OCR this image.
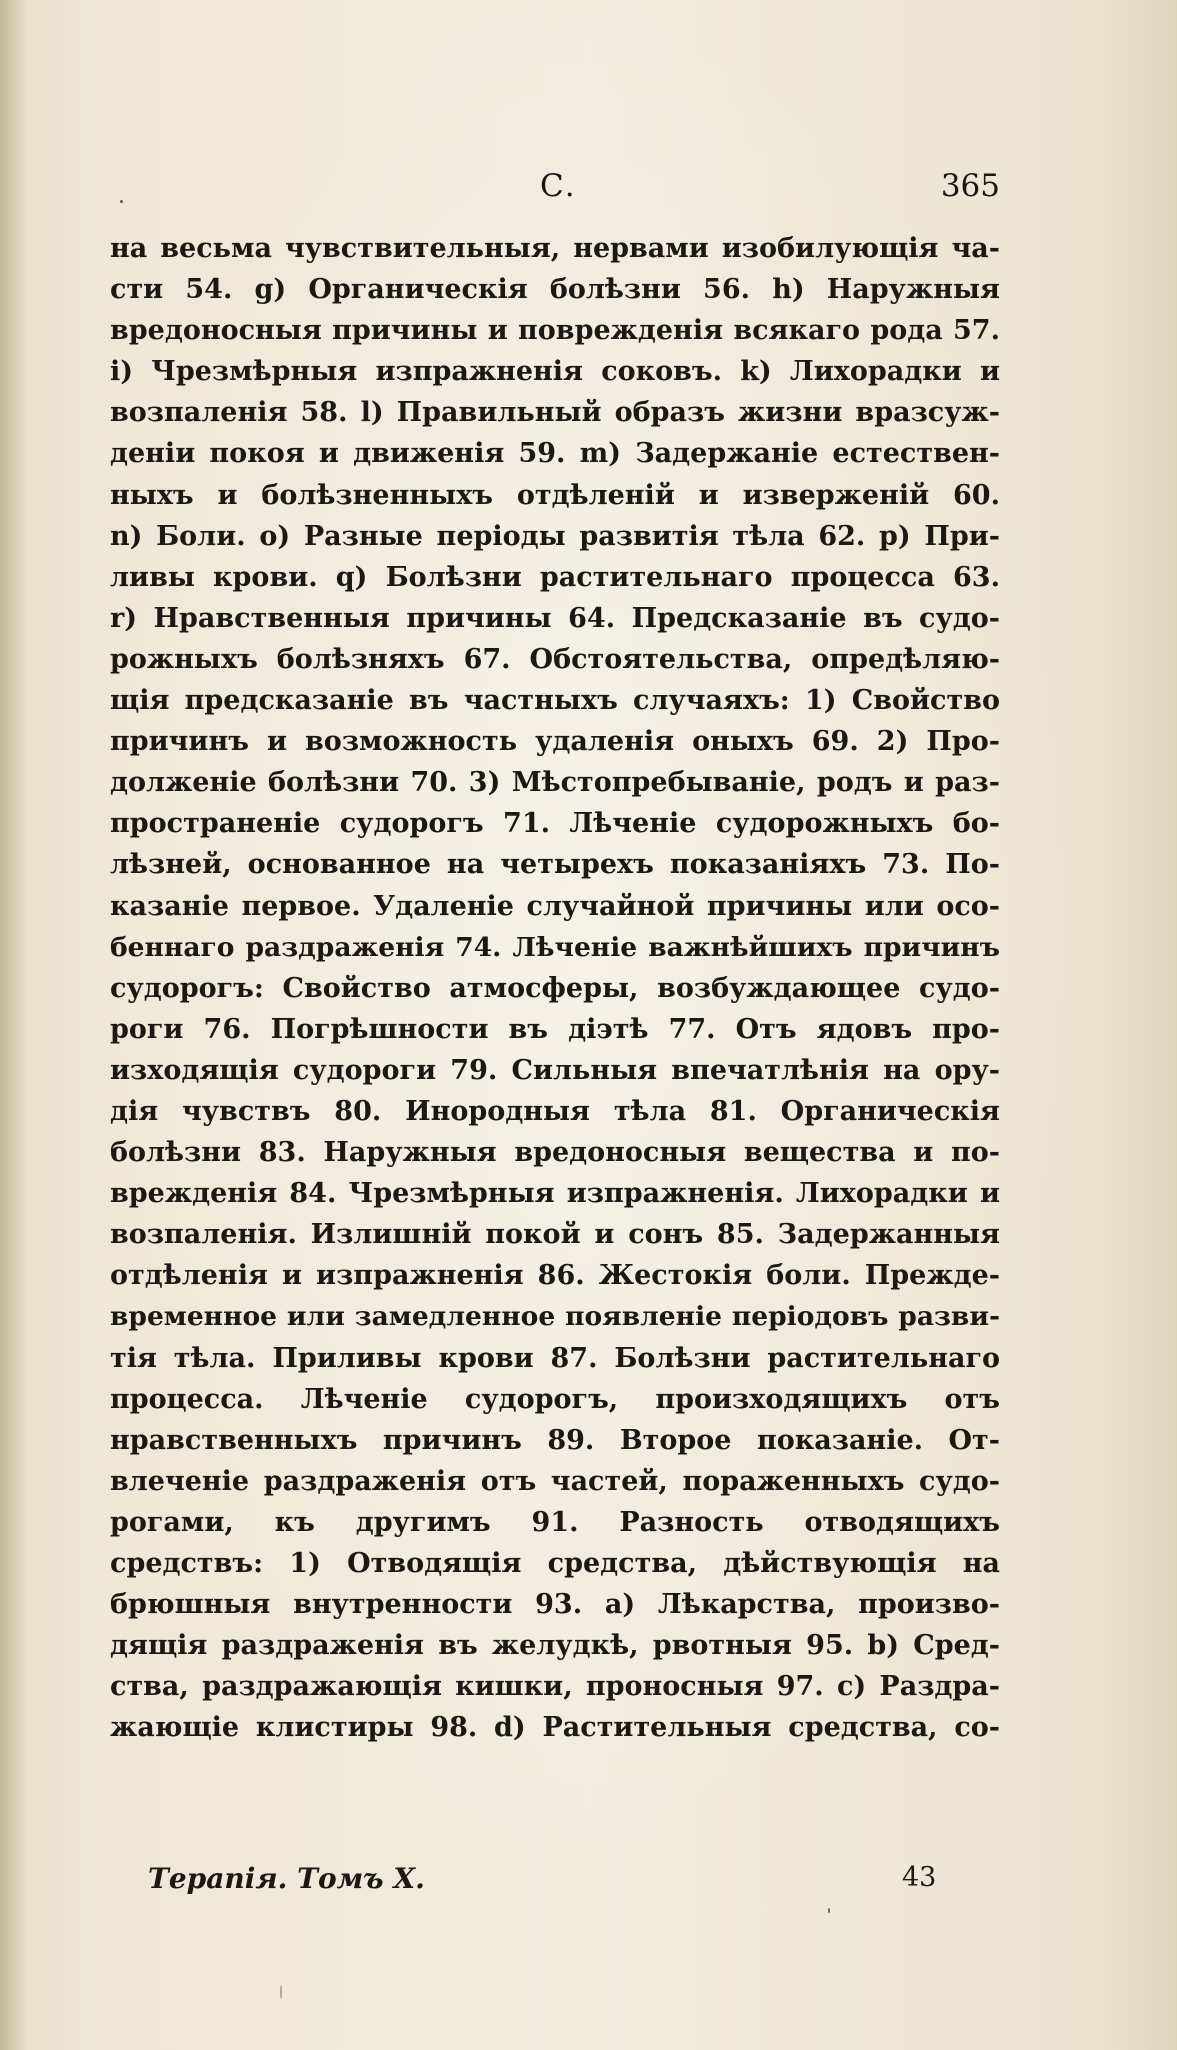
С.	365
на весьма чувствительныя, нервами изобилующія ча-
сти 54. g) Органическія болѣзни 56. h) Наружныя
вредоносныя причины и поврежденія всякаго рода 57.
i) Чрезмѣрныя изпражненія соковъ. k) Лихорадки и
возпаленія 58. l) Правильный образъ жизни вразсуж-
деніи покоя и движенія 59. m) Задержаніе естествен-
ныхъ и болѣзненныхъ отдѣленій и изверженій 60.
n) Боли. о) Разные періоды развитія тѣла 62. p) При-
ливы крови. q) Болѣзни растительнаго процесса 63.
r) Нравственныя причины 64. Предсказаніе въ судо-
рожныхъ болѣзняхъ 67. Обстоятельства, опредѣляю-
щія предсказаніе въ частныхъ случаяхъ: 1) Свойство
причинъ и возможность удаленія оныхъ 69. 2) Про-
долженіе болѣзни 70. 3) Мѣстопребываніе, родъ и раз-
пространеніе судорогъ 71. Лѣченіе судорожныхъ бо-
лѣзней, основанное на четырехъ показаніяхъ 73. По-
казаніе первое. Удаленіе случайной причины или осо-
беннаго раздраженія 74. Лѣченіе важнѣйшихъ причинъ
судорогъ: Свойство атмосферы, возбуждающее судо-
роги 76. Погрѣшности въ діэтѣ 77. Отъ ядовъ про-
изходящія судороги 79. Сильныя впечатлѣнія на ору-
дія чувствъ 80. Инородныя тѣла 81. Органическія
болѣзни 83. Наружныя вредоносныя вещества и по-
врежденія 84. Чрезмѣрныя изпражненія. Лихорадки и
возпаленія. Излишній покой и сонъ 85. Задержанныя
отдѣленія и изпражненія 86. Жестокія боли. Прежде-
временное или замедленное появленіе періодовъ разви-
тія тѣла. Приливы крови 87. Болѣзни растительнаго
процесса. Лѣченіе судорогъ, произходящихъ отъ
нравственныхъ причинъ 89. Второе показаніе. От-
влеченіе раздраженія отъ частей, пораженныхъ судо-
рогами, къ другимъ 91. Разность отводящихъ
средствъ: 1) Отводящія средства, дѣйствующія на
брюшныя внутренности 93. a) Лѣкарства, произво-
дящія раздраженія въ желудкѣ, рвотныя 95. b) Сред-
ства, раздражающія кишки, проносныя 97. c) Раздра-
жающіе клистиры 98. d) Растительныя средства, со-
Терапія. Томъ X.	43
